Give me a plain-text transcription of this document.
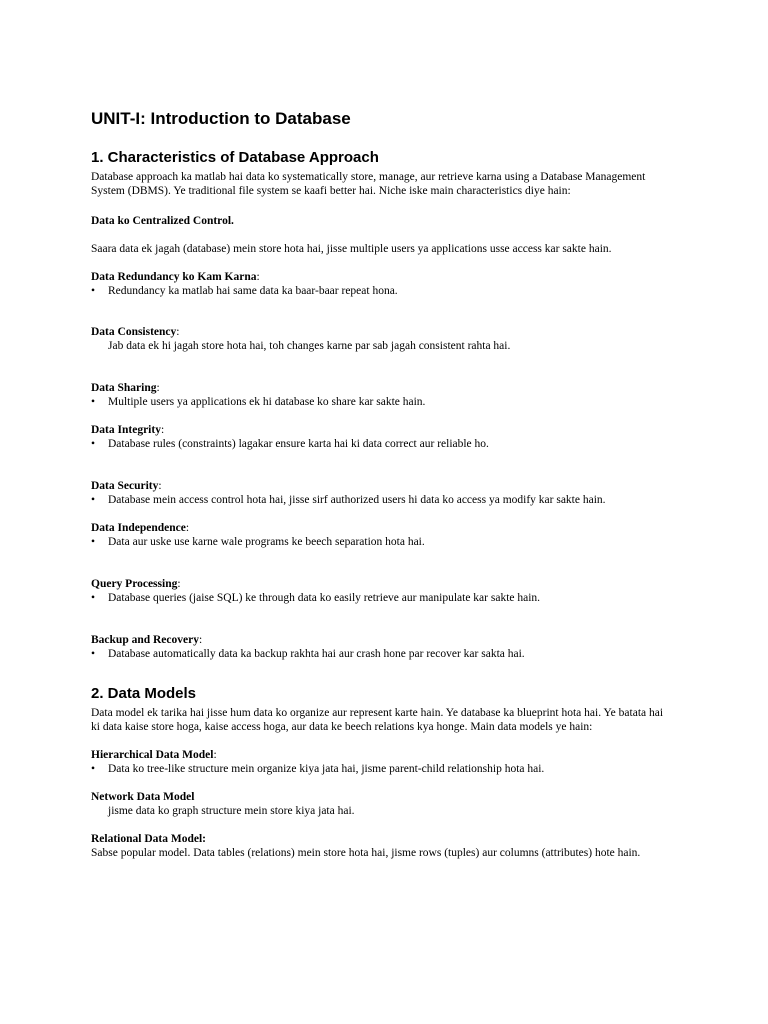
UNIT-I: Introduction to Database
1. Characteristics of Database Approach

Database approach ka matlab hai data ko systematically store, manage, aur retrieve karna using a Database Management System (DBMS). Ye traditional file system se kaafi better hai. Niche iske main characteristics diye hain:

Data ko Centralized Control.

Saara data ek jagah (database) mein store hota hai, jisse multiple users ya applications usse access kar sakte hain.

Data Redundancy ko Kam Karna:

• Redundancy ka matlab hai same data ka baar-baar repeat hona.

Data Consistency:

Jab data ek hi jagah store hota hai, toh changes karne par sab jagah consistent rahta hai.

Data Sharing:

• Multiple users ya applications ek hi database ko share kar sakte hain.

Data Integrity:

• Database rules (constraints) lagakar ensure karta hai ki data correct aur reliable ho.

Data Security:

• Database mein access control hota hai, jisse sirf authorized users hi data ko access ya modify kar sakte hain.

Data Independence:

• Data aur uske use karne wale programs ke beech separation hota hai.

Query Processing:

• Database queries (jaise SQL) ke through data ko easily retrieve aur manipulate kar sakte hain.

Backup and Recovery:

• Database automatically data ka backup rakhta hai aur crash hone par recover kar sakta hai.

2. Data Models

Data model ek tarika hai jisse hum data ko organize aur represent karte hain. Ye database ka blueprint hota hai. Ye batata hai ki data kaise store hoga, kaise access hoga, aur data ke beech relations kya honge. Main data models ye hain:

Hierarchical Data Model:

• Data ko tree-like structure mein organize kiya jata hai, jisme parent-child relationship hota hai.

Network Data Model

jisme data ko graph structure mein store kiya jata hai.

Relational Data Model:

Sabse popular model. Data tables (relations) mein store hota hai, jisme rows (tuples) aur columns (attributes) hote hain.
